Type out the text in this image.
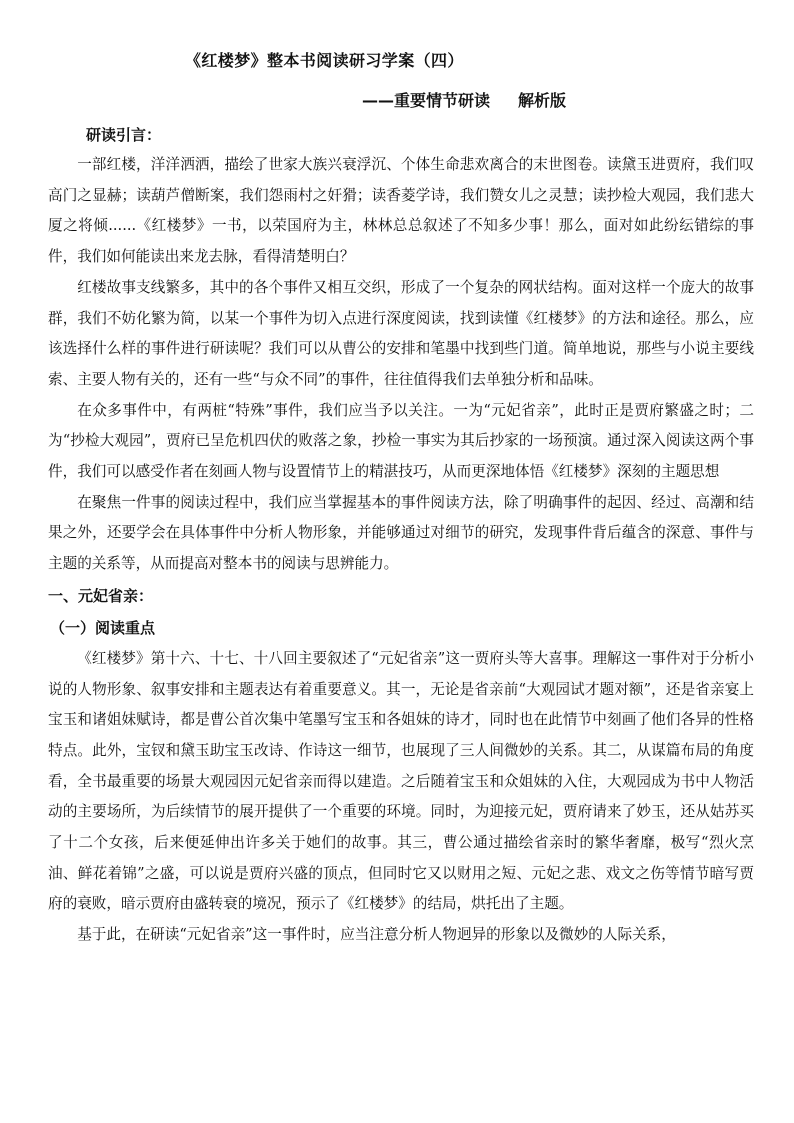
《红楼梦》整本书阅读研习学案（四）
——重要情节研读 解析版
研读引言：

一部红楼，洋洋洒洒，描绘了世家大族兴衰浮沉、个体生命悲欢离合的末世图卷。读黛玉进贾府，我们叹高门之显赫；读葫芦僧断案，我们怨雨村之奸猾；读香菱学诗，我们赞女儿之灵慧；读抄检大观园，我们悲大厦之将倾......《红楼梦》一书，以荣国府为主，林林总总叙述了不知多少事！那么，面对如此纷纭错综的事件，我们如何能读出来龙去脉，看得清楚明白？

红楼故事支线繁多，其中的各个事件又相互交织，形成了一个复杂的网状结构。面对这样一个庞大的故事群，我们不妨化繁为简，以某一个事件为切入点进行深度阅读，找到读懂《红楼梦》的方法和途径。那么，应该选择什么样的事件进行研读呢？我们可以从曹公的安排和笔墨中找到些门道。简单地说，那些与小说主要线索、主要人物有关的，还有一些“与众不同”的事件，往往值得我们去单独分析和品味。

在众多事件中，有两桩“特殊”事件，我们应当予以关注。一为“元妃省亲”，此时正是贾府繁盛之时；二为“抄检大观园”，贾府已呈危机四伏的败落之象，抄检一事实为其后抄家的一场预演。通过深入阅读这两个事件，我们可以感受作者在刻画人物与设置情节上的精湛技巧，从而更深地体悟《红楼梦》深刻的主题思想

在聚焦一件事的阅读过程中，我们应当掌握基本的事件阅读方法，除了明确事件的起因、经过、高潮和结果之外，还要学会在具体事件中分析人物形象，并能够通过对细节的研究，发现事件背后蕴含的深意、事件与主题的关系等，从而提高对整本书的阅读与思辨能力。

一、元妃省亲：
（一）阅读重点

《红楼梦》第十六、十七、十八回主要叙述了“元妃省亲”这一贾府头等大喜事。理解这一事件对于分析小说的人物形象、叙事安排和主题表达有着重要意义。其一，无论是省亲前“大观园试才题对额”，还是省亲宴上宝玉和诸姐妹赋诗，都是曹公首次集中笔墨写宝玉和各姐妹的诗才，同时也在此情节中刻画了他们各异的性格特点。此外，宝钗和黛玉助宝玉改诗、作诗这一细节，也展现了三人间微妙的关系。其二，从谋篇布局的角度看，全书最重要的场景大观园因元妃省亲而得以建造。之后随着宝玉和众姐妹的入住，大观园成为书中人物活动的主要场所，为后续情节的展开提供了一个重要的环境。同时，为迎接元妃，贾府请来了妙玉，还从姑苏买了十二个女孩，后来便延伸出许多关于她们的故事。其三，曹公通过描绘省亲时的繁华奢靡，极写“烈火烹油、鲜花着锦”之盛，可以说是贾府兴盛的顶点，但同时它又以财用之短、元妃之悲、戏文之伤等情节暗写贾府的衰败，暗示贾府由盛转衰的境况，预示了《红楼梦》的结局，烘托出了主题。

基于此，在研读“元妃省亲”这一事件时，应当注意分析人物迥异的形象以及微妙的人际关系，
